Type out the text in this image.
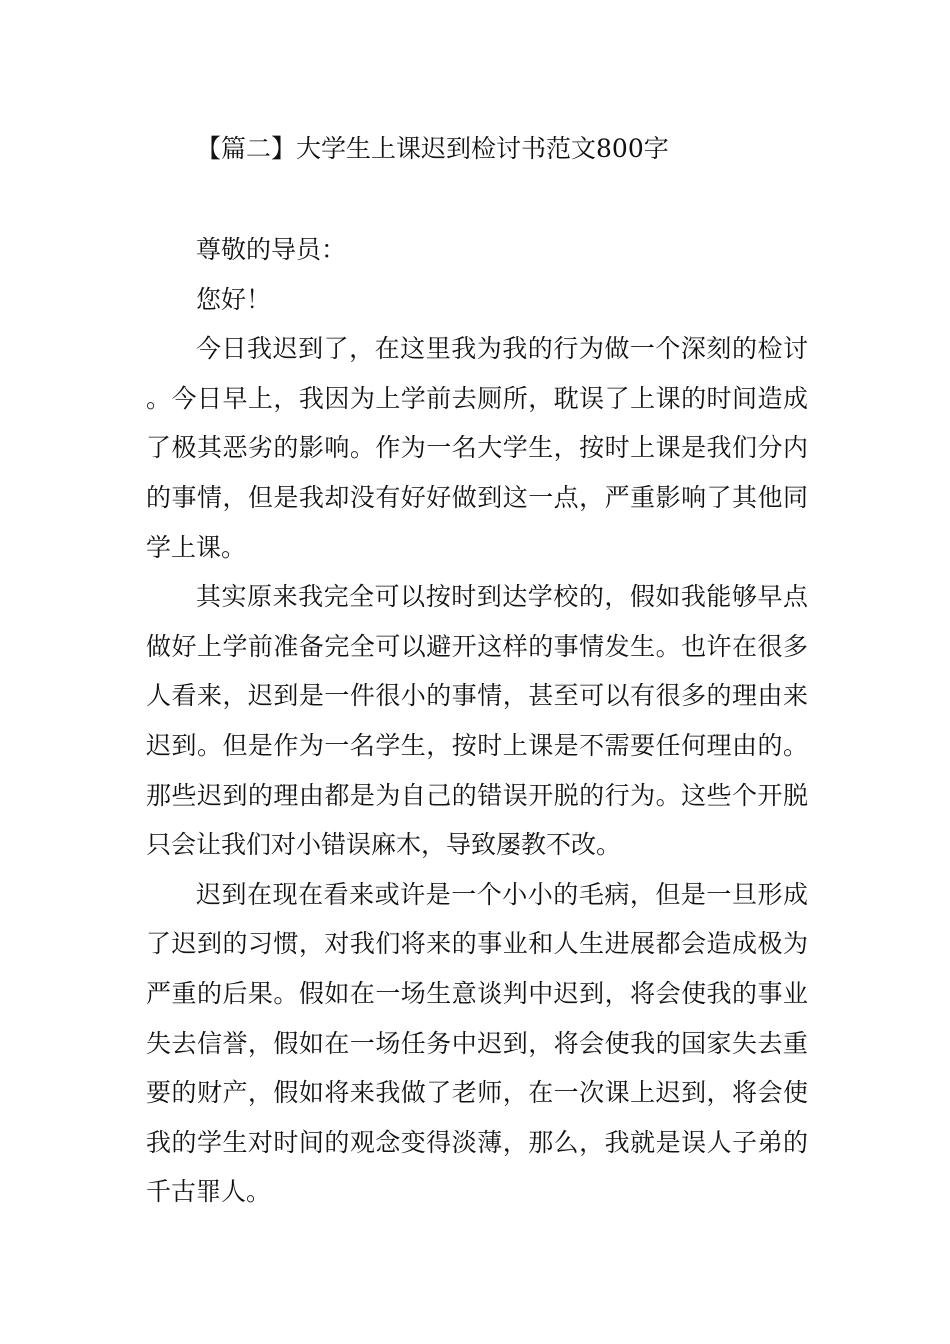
【篇二】大学生上课迟到检讨书范文800字

尊敬的导员：

您好！

今日我迟到了，在这里我为我的行为做一个深刻的检讨。今日早上，我因为上学前去厕所，耽误了上课的时间造成了极其恶劣的影响。作为一名大学生，按时上课是我们分内的事情，但是我却没有好好做到这一点，严重影响了其他同学上课。

其实原来我完全可以按时到达学校的，假如我能够早点做好上学前准备完全可以避开这样的事情发生。也许在很多人看来，迟到是一件很小的事情，甚至可以有很多的理由来迟到。但是作为一名学生，按时上课是不需要任何理由的。那些迟到的理由都是为自己的错误开脱的行为。这些个开脱只会让我们对小错误麻木，导致屡教不改。

迟到在现在看来或许是一个小小的毛病，但是一旦形成了迟到的习惯，对我们将来的事业和人生进展都会造成极为严重的后果。假如在一场生意谈判中迟到，将会使我的事业失去信誉，假如在一场任务中迟到，将会使我的国家失去重要的财产，假如将来我做了老师，在一次课上迟到，将会使我的学生对时间的观念变得淡薄，那么，我就是误人子弟的千古罪人。
